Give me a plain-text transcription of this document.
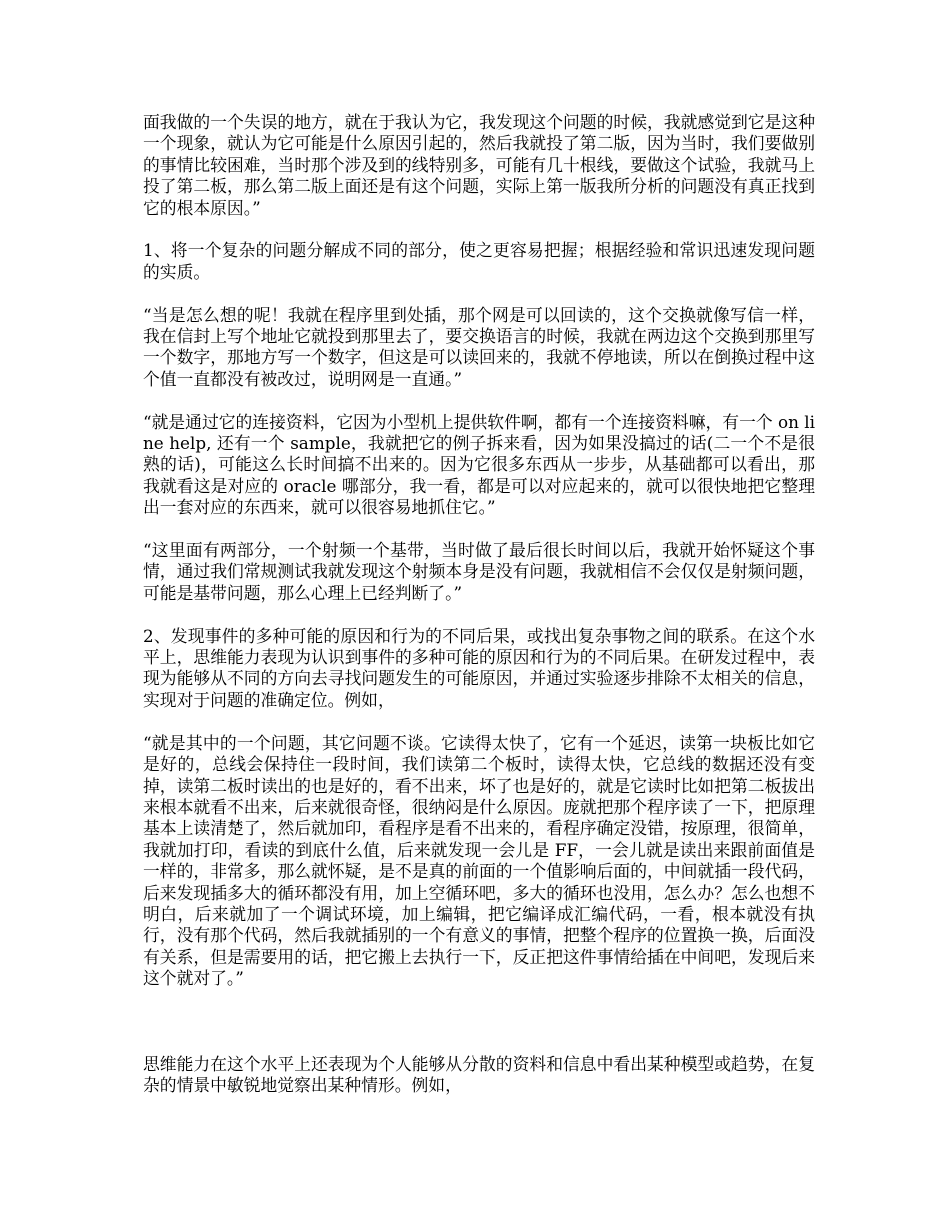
面我做的一个失误的地方，就在于我认为它，我发现这个问题的时候，我就感觉到它是这种一个现象，就认为它可能是什么原因引起的，然后我就投了第二版，因为当时，我们要做别的事情比较困难，当时那个涉及到的线特别多，可能有几十根线，要做这个试验，我就马上投了第二板，那么第二版上面还是有这个问题，实际上第一版我所分析的问题没有真正找到它的根本原因。”

1、将一个复杂的问题分解成不同的部分，使之更容易把握；根据经验和常识迅速发现问题的实质。

“当是怎么想的呢！我就在程序里到处插，那个网是可以回读的，这个交换就像写信一样，我在信封上写个地址它就投到那里去了，要交换语言的时候，我就在两边这个交换到那里写一个数字，那地方写一个数字，但这是可以读回来的，我就不停地读，所以在倒换过程中这个值一直都没有被改过，说明网是一直通。”

“就是通过它的连接资料，它因为小型机上提供软件啊，都有一个连接资料嘛，有一个 on line help, 还有一个 sample，我就把它的例子拆来看，因为如果没搞过的话(二一个不是很熟的话)，可能这么长时间搞不出来的。因为它很多东西从一步步，从基础都可以看出，那我就看这是对应的 oracle 哪部分，我一看，都是可以对应起来的，就可以很快地把它整理出一套对应的东西来，就可以很容易地抓住它。”

“这里面有两部分，一个射频一个基带，当时做了最后很长时间以后，我就开始怀疑这个事情，通过我们常规测试我就发现这个射频本身是没有问题，我就相信不会仅仅是射频问题，可能是基带问题，那么心理上已经判断了。”

2、发现事件的多种可能的原因和行为的不同后果，或找出复杂事物之间的联系。在这个水平上，思维能力表现为认识到事件的多种可能的原因和行为的不同后果。在研发过程中，表现为能够从不同的方向去寻找问题发生的可能原因，并通过实验逐步排除不太相关的信息，实现对于问题的准确定位。例如，

“就是其中的一个问题，其它问题不谈。它读得太快了，它有一个延迟，读第一块板比如它是好的，总线会保持住一段时间，我们读第二个板时，读得太快，它总线的数据还没有变掉，读第二板时读出的也是好的，看不出来，坏了也是好的，就是它读时比如把第二板拔出来根本就看不出来，后来就很奇怪，很纳闷是什么原因。庞就把那个程序读了一下，把原理基本上读清楚了，然后就加印，看程序是看不出来的，看程序确定没错，按原理，很简单，我就加打印，看读的到底什么值，后来就发现一会儿是 FF，一会儿就是读出来跟前面值是一样的，非常多，那么就怀疑，是不是真的前面的一个值影响后面的，中间就插一段代码，后来发现插多大的循环都没有用，加上空循环吧，多大的循环也没用，怎么办？怎么也想不明白，后来就加了一个调试环境，加上编辑，把它编译成汇编代码，一看，根本就没有执行，没有那个代码，然后我就插别的一个有意义的事情，把整个程序的位置换一换，后面没有关系，但是需要用的话，把它搬上去执行一下，反正把这件事情给插在中间吧，发现后来这个就对了。”

思维能力在这个水平上还表现为个人能够从分散的资料和信息中看出某种模型或趋势，在复杂的情景中敏锐地觉察出某种情形。例如，
